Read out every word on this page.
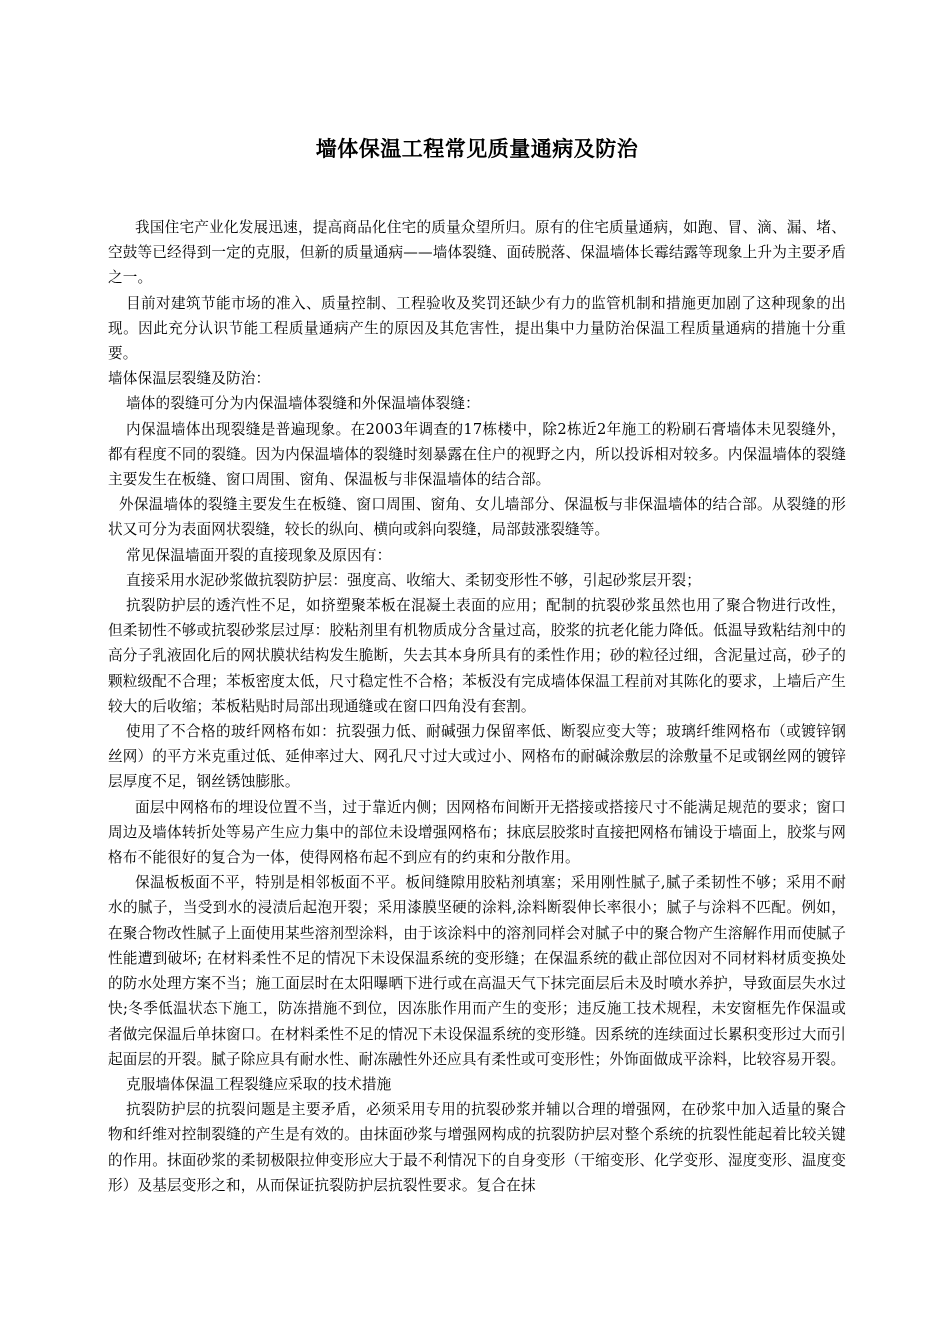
墙体保温工程常见质量通病及防治

我国住宅产业化发展迅速，提高商品化住宅的质量众望所归。原有的住宅质量通病，如跑、冒、滴、漏、堵、空鼓等已经得到一定的克服，但新的质量通病——墙体裂缝、面砖脱落、保温墙体长霉结露等现象上升为主要矛盾之一。

目前对建筑节能市场的准入、质量控制、工程验收及奖罚还缺少有力的监管机制和措施更加剧了这种现象的出现。因此充分认识节能工程质量通病产生的原因及其危害性，提出集中力量防治保温工程质量通病的措施十分重要。

墙体保温层裂缝及防治：

墙体的裂缝可分为内保温墙体裂缝和外保温墙体裂缝：

内保温墙体出现裂缝是普遍现象。在2003年调查的17栋楼中，除2栋近2年施工的粉刷石膏墙体未见裂缝外，都有程度不同的裂缝。因为内保温墙体的裂缝时刻暴露在住户的视野之内，所以投诉相对较多。内保温墙体的裂缝主要发生在板缝、窗口周围、窗角、保温板与非保温墙体的结合部。

外保温墙体的裂缝主要发生在板缝、窗口周围、窗角、女儿墙部分、保温板与非保温墙体的结合部。从裂缝的形状又可分为表面网状裂缝，较长的纵向、横向或斜向裂缝，局部鼓涨裂缝等。

常见保温墙面开裂的直接现象及原因有：

直接采用水泥砂浆做抗裂防护层：强度高、收缩大、柔韧变形性不够，引起砂浆层开裂；

抗裂防护层的透汽性不足，如挤塑聚苯板在混凝土表面的应用；配制的抗裂砂浆虽然也用了聚合物进行改性，但柔韧性不够或抗裂砂浆层过厚：胶粘剂里有机物质成分含量过高，胶浆的抗老化能力降低。低温导致粘结剂中的高分子乳液固化后的网状膜状结构发生脆断，失去其本身所具有的柔性作用；砂的粒径过细，含泥量过高，砂子的颗粒级配不合理；苯板密度太低，尺寸稳定性不合格；苯板没有完成墙体保温工程前对其陈化的要求，上墙后产生较大的后收缩；苯板粘贴时局部出现通缝或在窗口四角没有套割。

使用了不合格的玻纤网格布如：抗裂强力低、耐碱强力保留率低、断裂应变大等；玻璃纤维网格布（或镀锌钢丝网）的平方米克重过低、延伸率过大、网孔尺寸过大或过小、网格布的耐碱涂敷层的涂敷量不足或钢丝网的镀锌层厚度不足，钢丝锈蚀膨胀。

面层中网格布的埋设位置不当，过于靠近内侧；因网格布间断开无搭接或搭接尺寸不能满足规范的要求；窗口周边及墙体转折处等易产生应力集中的部位未设增强网格布；抹底层胶浆时直接把网格布铺设于墙面上，胶浆与网格布不能很好的复合为一体，使得网格布起不到应有的约束和分散作用。

保温板板面不平，特别是相邻板面不平。板间缝隙用胶粘剂填塞；采用刚性腻子,腻子柔韧性不够；采用不耐水的腻子，当受到水的浸渍后起泡开裂；采用漆膜坚硬的涂料,涂料断裂伸长率很小；腻子与涂料不匹配。例如，在聚合物改性腻子上面使用某些溶剂型涂料，由于该涂料中的溶剂同样会对腻子中的聚合物产生溶解作用而使腻子性能遭到破坏; 在材料柔性不足的情况下未设保温系统的变形缝；在保温系统的截止部位因对不同材料材质变换处的防水处理方案不当；施工面层时在太阳曝晒下进行或在高温天气下抹完面层后未及时喷水养护，导致面层失水过快;冬季低温状态下施工，防冻措施不到位，因冻胀作用而产生的变形；违反施工技术规程，未安窗框先作保温或者做完保温后单抹窗口。在材料柔性不足的情况下未设保温系统的变形缝。因系统的连续面过长累积变形过大而引起面层的开裂。腻子除应具有耐水性、耐冻融性外还应具有柔性或可变形性；外饰面做成平涂料，比较容易开裂。

克服墙体保温工程裂缝应采取的技术措施

抗裂防护层的抗裂问题是主要矛盾，必须采用专用的抗裂砂浆并辅以合理的增强网，在砂浆中加入适量的聚合物和纤维对控制裂缝的产生是有效的。由抹面砂浆与增强网构成的抗裂防护层对整个系统的抗裂性能起着比较关键的作用。抹面砂浆的柔韧极限拉伸变形应大于最不利情况下的自身变形（干缩变形、化学变形、湿度变形、温度变形）及基层变形之和，从而保证抗裂防护层抗裂性要求。复合在抹
